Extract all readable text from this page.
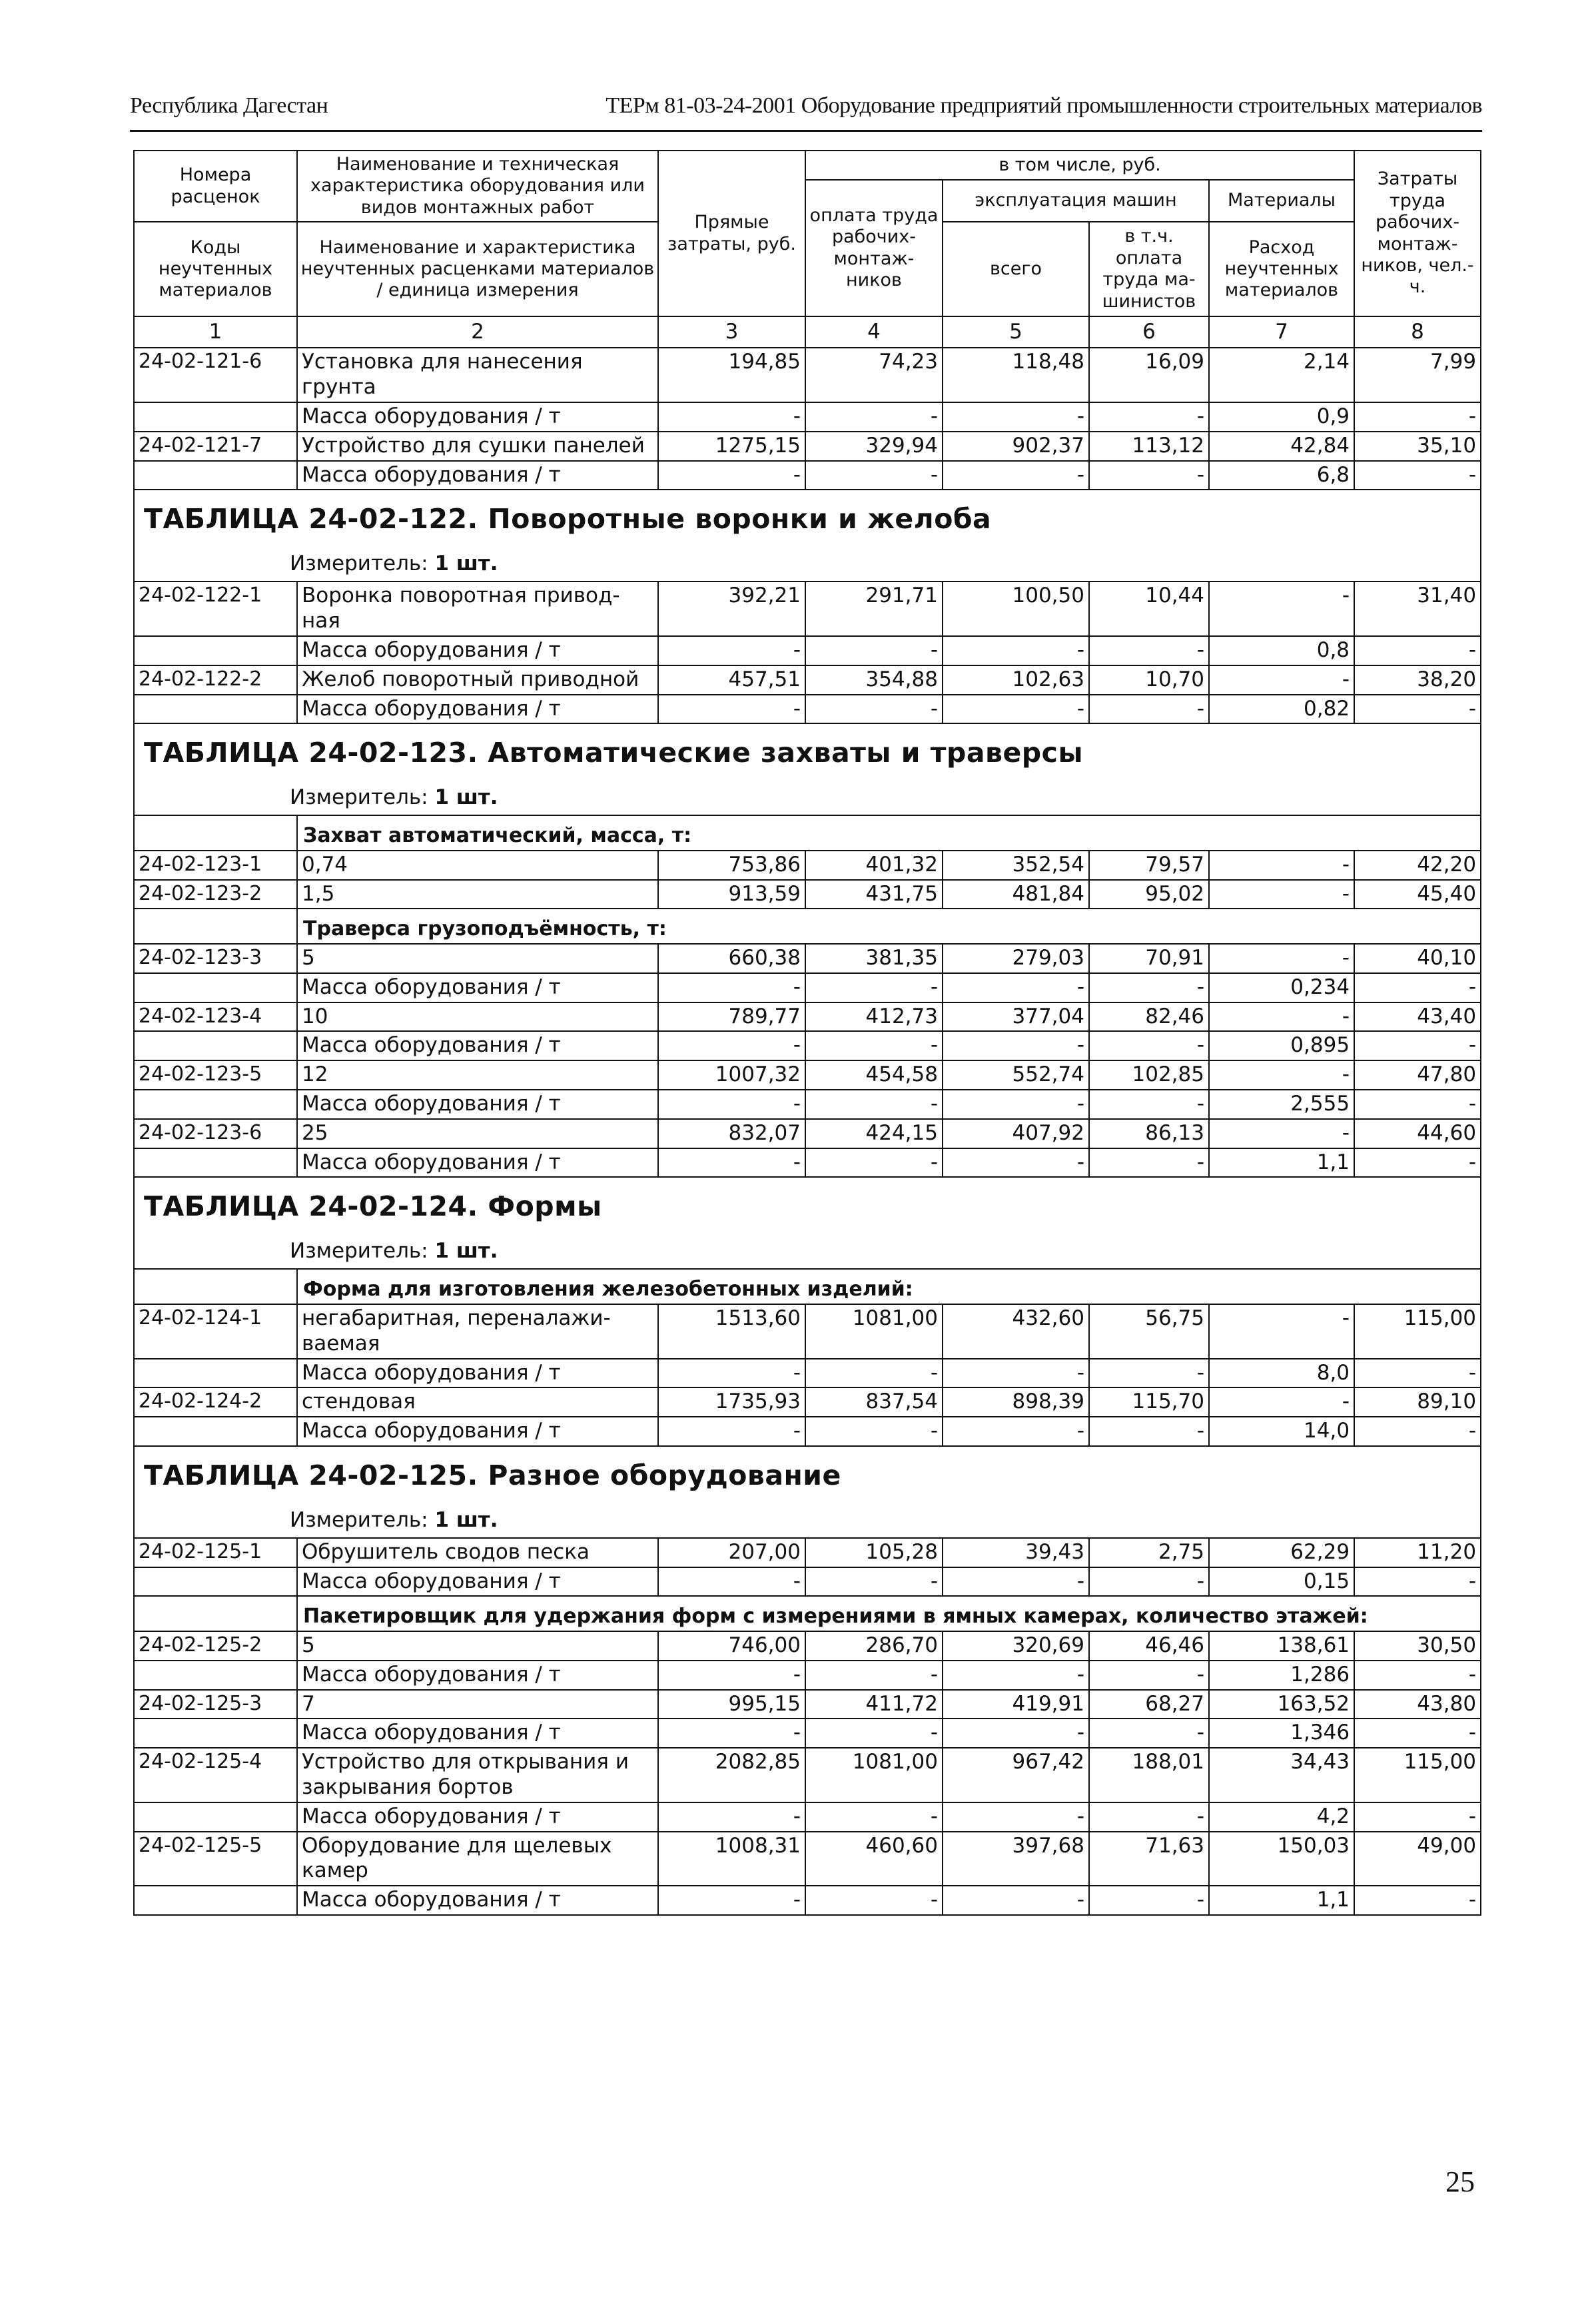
Республика Дагестан	ТЕРм 81-03-24-2001 Оборудование предприятий промышленности строительных материалов
Номера расценок	Наименование и техническая характеристика оборудования или видов монтажных работ	Прямые затраты, руб.	в том числе, руб.				Затраты труда рабочих-монтаж-ников, чел.-ч.
			оплата труда рабочих-монтаж-ников	эксплуатация машин		Материалы	
Коды неучтенных материалов	Наименование и характеристика неучтенных расценками материалов / единица измерения			всего	в т.ч. оплата труда ма-шинистов	Расход неучтенных материалов	

1	2	3	4	5	6	7	8
24-02-121-6	Установка для нанесения грунта	194,85	74,23	118,48	16,09	2,14	7,99
	Масса оборудования / т	-	-	-	-	0,9	-
24-02-121-7	Устройство для сушки панелей	1275,15	329,94	902,37	113,12	42,84	35,10
	Масса оборудования / т	-	-	-	-	6,8	-

ТАБЛИЦА 24-02-122. Поворотные воронки и желоба
Измеритель: 1 шт.							

24-02-122-1	Воронка поворотная привод-ная	392,21	291,71	100,50	10,44	-	31,40
	Масса оборудования / т	-	-	-	-	0,8	-
24-02-122-2	Желоб поворотный приводной	457,51	354,88	102,63	10,70	-	38,20
	Масса оборудования / т	-	-	-	-	0,82	-

ТАБЛИЦА 24-02-123. Автоматические захваты и траверсы
Измеритель: 1 шт.							

	Захват автоматический, масса, т:						
24-02-123-1	0,74	753,86	401,32	352,54	79,57	-	42,20
24-02-123-2	1,5	913,59	431,75	481,84	95,02	-	45,40
	Траверса грузоподъёмность, т:						
24-02-123-3	5	660,38	381,35	279,03	70,91	-	40,10
	Масса оборудования / т	-	-	-	-	0,234	-
24-02-123-4	10	789,77	412,73	377,04	82,46	-	43,40
	Масса оборудования / т	-	-	-	-	0,895	-
24-02-123-5	12	1007,32	454,58	552,74	102,85	-	47,80
	Масса оборудования / т	-	-	-	-	2,555	-
24-02-123-6	25	832,07	424,15	407,92	86,13	-	44,60
	Масса оборудования / т	-	-	-	-	1,1	-

ТАБЛИЦА 24-02-124. Формы
Измеритель: 1 шт.							

	Форма для изготовления железобетонных изделий:						
24-02-124-1	негабаритная, переналажи-ваемая	1513,60	1081,00	432,60	56,75	-	115,00
	Масса оборудования / т	-	-	-	-	8,0	-
24-02-124-2	стендовая	1735,93	837,54	898,39	115,70	-	89,10
	Масса оборудования / т	-	-	-	-	14,0	-

ТАБЛИЦА 24-02-125. Разное оборудование
Измеритель: 1 шт.							

24-02-125-1	Обрушитель сводов песка	207,00	105,28	39,43	2,75	62,29	11,20
	Масса оборудования / т	-	-	-	-	0,15	-
	Пакетировщик для удержания форм с измерениями в ямных камерах, количество этажей:						
24-02-125-2	5	746,00	286,70	320,69	46,46	138,61	30,50
	Масса оборудования / т	-	-	-	-	1,286	-
24-02-125-3	7	995,15	411,72	419,91	68,27	163,52	43,80
	Масса оборудования / т	-	-	-	-	1,346	-
24-02-125-4	Устройство для открывания и закрывания бортов	2082,85	1081,00	967,42	188,01	34,43	115,00
	Масса оборудования / т	-	-	-	-	4,2	-
24-02-125-5	Оборудование для щелевых камер	1008,31	460,60	397,68	71,63	150,03	49,00
	Масса оборудования / т	-	-	-	-	1,1	-
25
